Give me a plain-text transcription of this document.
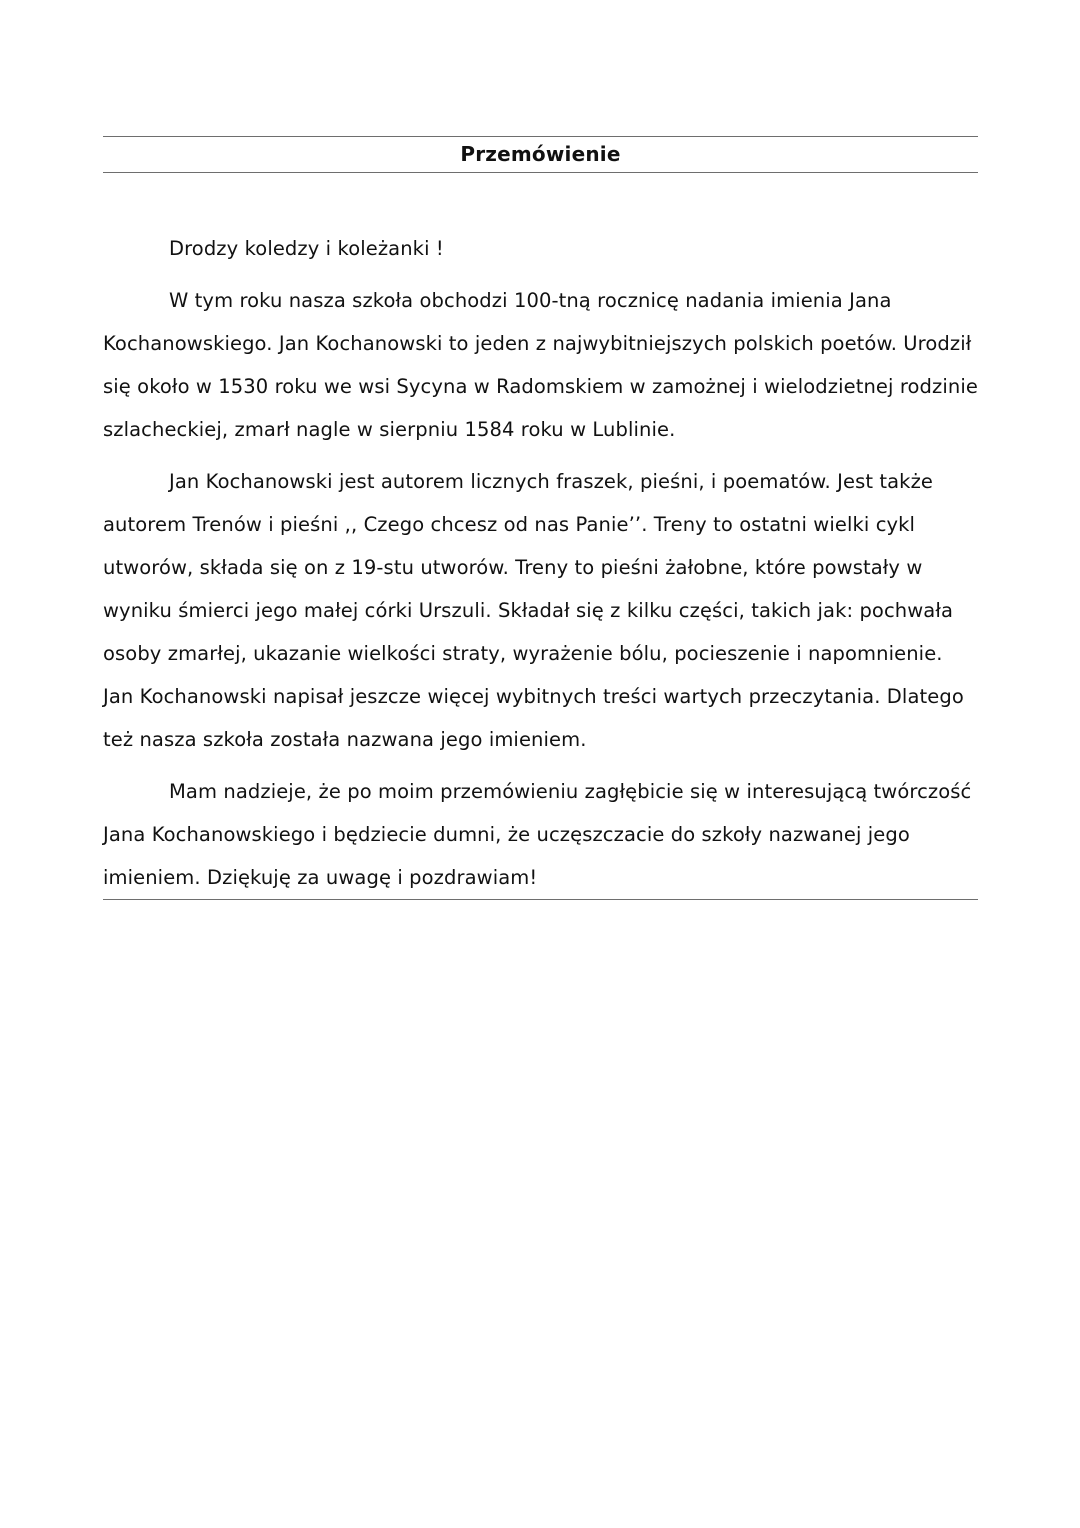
Przemówienie

Drodzy koledzy i koleżanki !

W tym roku nasza szkoła obchodzi 100-tną rocznicę nadania imienia Jana Kochanowskiego. Jan Kochanowski to jeden z najwybitniejszych polskich poetów. Urodził się około w 1530 roku we wsi Sycyna w Radomskiem w zamożnej i wielodzietnej rodzinie szlacheckiej, zmarł nagle w sierpniu 1584 roku w Lublinie.

Jan Kochanowski jest autorem licznych fraszek, pieśni, i poematów. Jest także autorem Trenów i pieśni ,, Czego chcesz od nas Panie’’. Treny to ostatni wielki cykl utworów, składa się on z 19-stu utworów. Treny to pieśni żałobne, które powstały w wyniku śmierci jego małej córki Urszuli. Składał się z kilku części, takich jak: pochwała osoby zmarłej, ukazanie wielkości straty, wyrażenie bólu, pocieszenie i napomnienie. Jan Kochanowski napisał jeszcze więcej wybitnych treści wartych przeczytania. Dlatego też nasza szkoła została nazwana jego imieniem.

Mam nadzieje, że po moim przemówieniu zagłębicie się w interesującą twórczość Jana Kochanowskiego i będziecie dumni, że uczęszczacie do szkoły nazwanej jego imieniem. Dziękuję za uwagę i pozdrawiam!
